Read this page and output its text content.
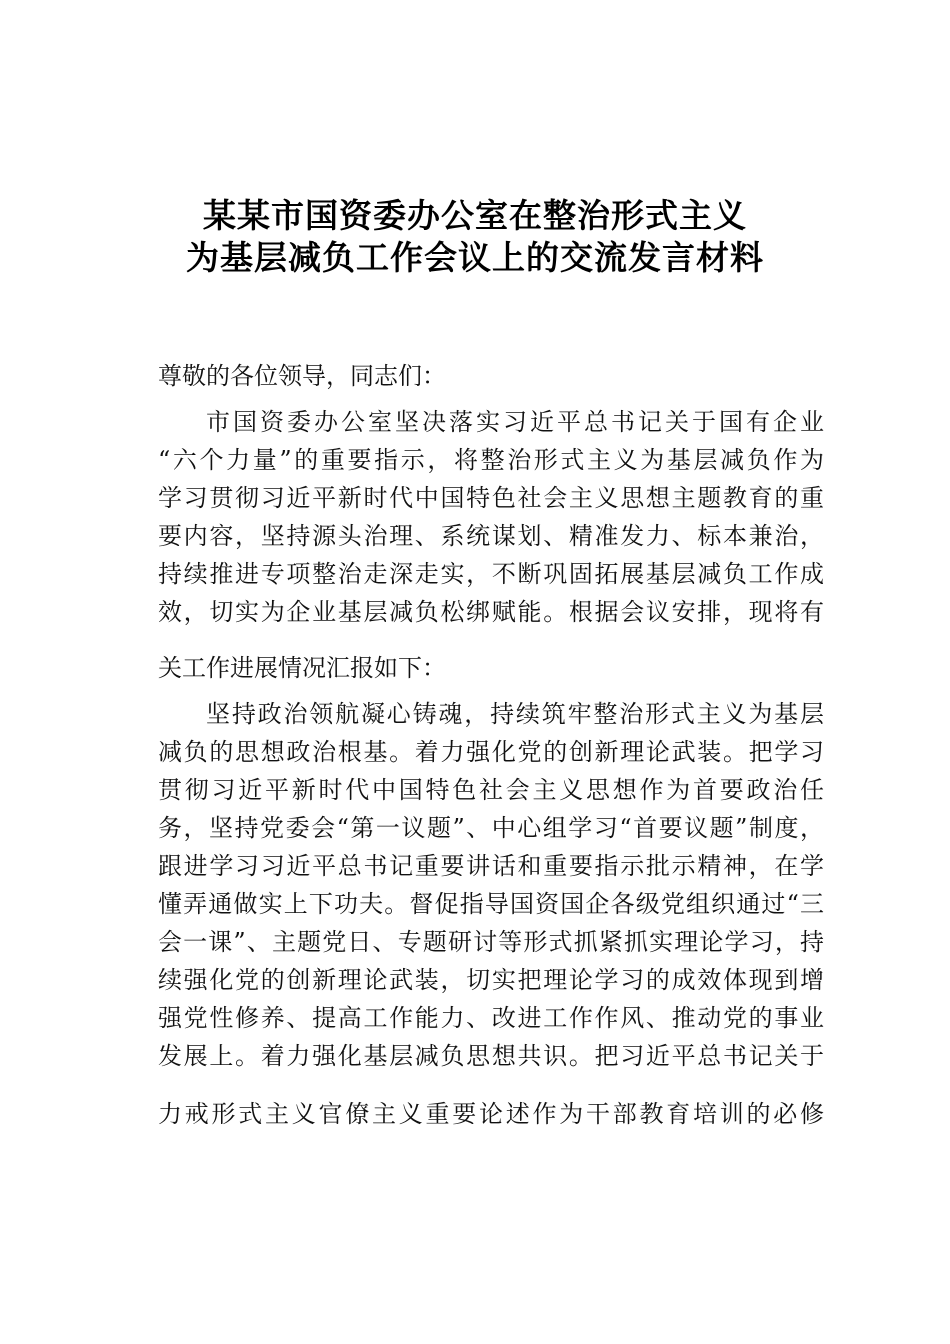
某某市国资委办公室在整治形式主义
为基层减负工作会议上的交流发言材料
尊敬的各位领导，同志们：
市国资委办公室坚决落实习近平总书记关于国有企业
“六个力量”的重要指示，将整治形式主义为基层减负作为
学习贯彻习近平新时代中国特色社会主义思想主题教育的重
要内容，坚持源头治理、系统谋划、精准发力、标本兼治，
持续推进专项整治走深走实，不断巩固拓展基层减负工作成
效，切实为企业基层减负松绑赋能。根据会议安排，现将有
关工作进展情况汇报如下：
坚持政治领航凝心铸魂，持续筑牢整治形式主义为基层
减负的思想政治根基。着力强化党的创新理论武装。把学习
贯彻习近平新时代中国特色社会主义思想作为首要政治任
务，坚持党委会“第一议题”、中心组学习“首要议题”制度，
跟进学习习近平总书记重要讲话和重要指示批示精神，在学
懂弄通做实上下功夫。督促指导国资国企各级党组织通过“三
会一课”、主题党日、专题研讨等形式抓紧抓实理论学习，持
续强化党的创新理论武装，切实把理论学习的成效体现到增
强党性修养、提高工作能力、改进工作作风、推动党的事业
发展上。着力强化基层减负思想共识。把习近平总书记关于
力戒形式主义官僚主义重要论述作为干部教育培训的必修
